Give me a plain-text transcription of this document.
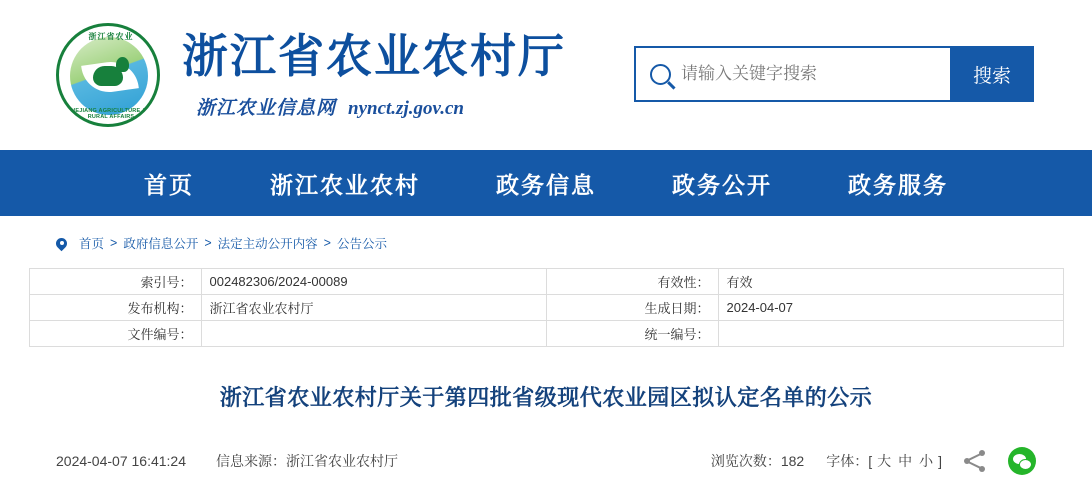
浙江省农业
ZHEJIANG AGRICULTURE AND RURAL AFFAIRS
浙江省农业农村厅
浙江农业信息网 nynct.zj.gov.cn
请输入关键字搜索
搜索
首页	浙江农业农村	政务信息	政务公开	政务服务
首页 > 政府信息公开 > 法定主动公开内容 > 公告公示
索引号：	002482306/2024-00089	有效性：	有效
发布机构：	浙江省农业农村厅	生成日期：	2024-04-07
文件编号：		统一编号：	
浙江省农业农村厅关于第四批省级现代农业园区拟认定名单的公示
2024-04-07 16:41:24 信息来源：浙江省农业农村厅	浏览次数：182 字体：[ 大 中 小 ]
